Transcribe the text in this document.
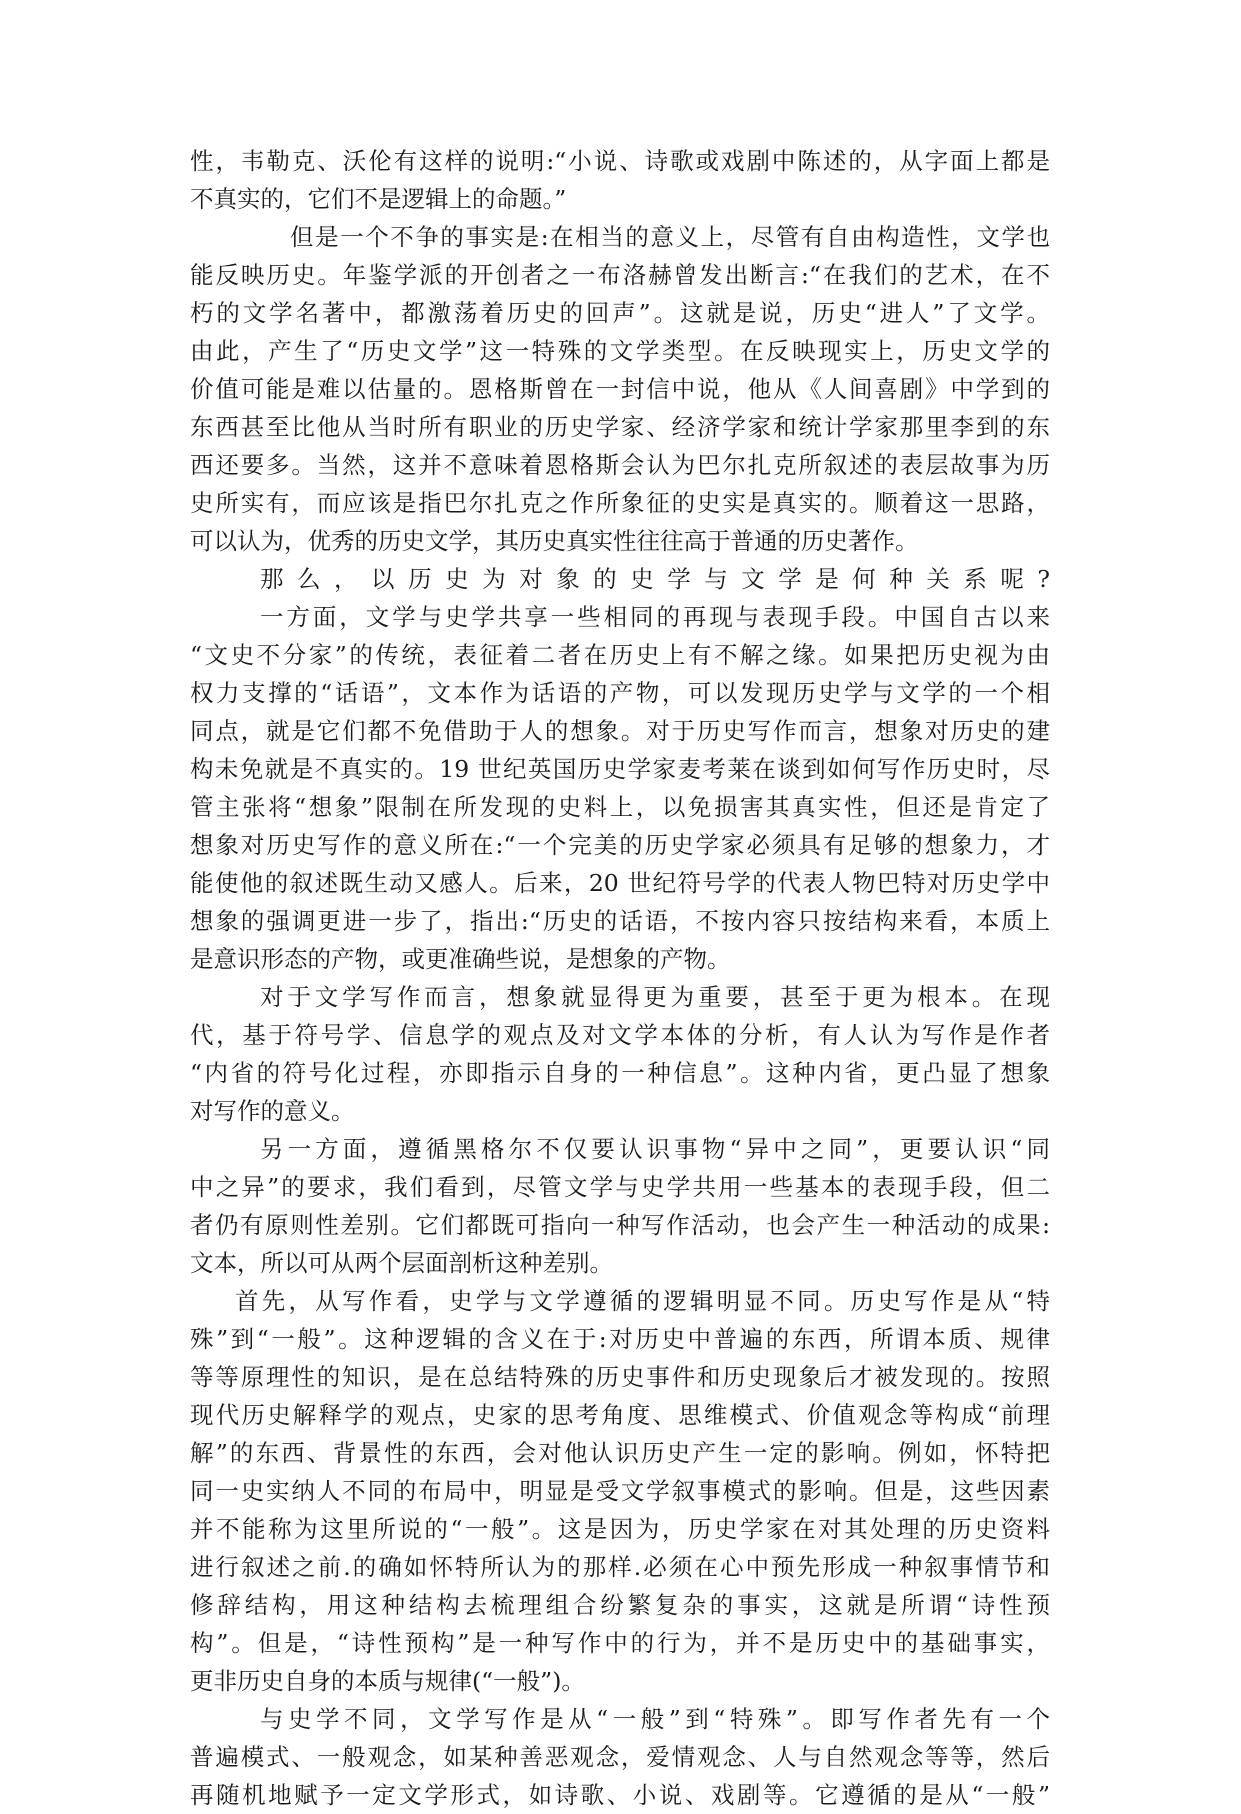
性，韦勒克、沃伦有这样的说明:“小说、诗歌或戏剧中陈述的，从字面上都是
不真实的，它们不是逻辑上的命题。”
但是一个不争的事实是:在相当的意义上，尽管有自由构造性，文学也
能反映历史。年鉴学派的开创者之一布洛赫曾发出断言:“在我们的艺术，在不
朽的文学名著中，都激荡着历史的回声”。这就是说，历史“进人”了文学。
由此，产生了“历史文学”这一特殊的文学类型。在反映现实上，历史文学的
价值可能是难以估量的。恩格斯曾在一封信中说，他从《人间喜剧》中学到的
东西甚至比他从当时所有职业的历史学家、经济学家和统计学家那里李到的东
西还要多。当然，这并不意味着恩格斯会认为巴尔扎克所叙述的表层故事为历
史所实有，而应该是指巴尔扎克之作所象征的史实是真实的。顺着这一思路，
可以认为，优秀的历史文学，其历史真实性往往高于普通的历史著作。
那么，以历史为对象的史学与文学是何种关系呢?
一方面，文学与史学共享一些相同的再现与表现手段。中国自古以来
“文史不分家”的传统，表征着二者在历史上有不解之缘。如果把历史视为由
权力支撑的“话语”，文本作为话语的产物，可以发现历史学与文学的一个相
同点，就是它们都不免借助于人的想象。对于历史写作而言，想象对历史的建
构未免就是不真实的。19 世纪英国历史学家麦考莱在谈到如何写作历史时，尽
管主张将“想象”限制在所发现的史料上，以免损害其真实性，但还是肯定了
想象对历史写作的意义所在:“一个完美的历史学家必须具有足够的想象力，才
能使他的叙述既生动又感人。后来，20 世纪符号学的代表人物巴特对历史学中
想象的强调更进一步了，指出:“历史的话语，不按内容只按结构来看，本质上
是意识形态的产物，或更准确些说，是想象的产物。
对于文学写作而言，想象就显得更为重要，甚至于更为根本。在现
代，基于符号学、信息学的观点及对文学本体的分析，有人认为写作是作者
“内省的符号化过程，亦即指示自身的一种信息”。这种内省，更凸显了想象
对写作的意义。
另一方面，遵循黑格尔不仅要认识事物“异中之同”，更要认识“同
中之异”的要求，我们看到，尽管文学与史学共用一些基本的表现手段，但二
者仍有原则性差别。它们都既可指向一种写作活动，也会产生一种活动的成果:
文本，所以可从两个层面剖析这种差别。
首先，从写作看，史学与文学遵循的逻辑明显不同。历史写作是从“特
殊”到“一般”。这种逻辑的含义在于:对历史中普遍的东西，所谓本质、规律
等等原理性的知识，是在总结特殊的历史事件和历史现象后才被发现的。按照
现代历史解释学的观点，史家的思考角度、思维模式、价值观念等构成“前理
解”的东西、背景性的东西，会对他认识历史产生一定的影响。例如，怀特把
同一史实纳人不同的布局中，明显是受文学叙事模式的影响。但是，这些因素
并不能称为这里所说的“一般”。这是因为，历史学家在对其处理的历史资料
进行叙述之前.的确如怀特所认为的那样.必须在心中预先形成一种叙事情节和
修辞结构，用这种结构去梳理组合纷繁复杂的事实，这就是所谓“诗性预
构”。但是，“诗性预构”是一种写作中的行为，并不是历史中的基础事实，
更非历史自身的本质与规律(“一般”)。
与史学不同，文学写作是从“一般”到“特殊”。即写作者先有一个
普遍模式、一般观念，如某种善恶观念，爱情观念、人与自然观念等等，然后
再随机地赋予一定文学形式，如诗歌、小说、戏剧等。它遵循的是从“一般”
